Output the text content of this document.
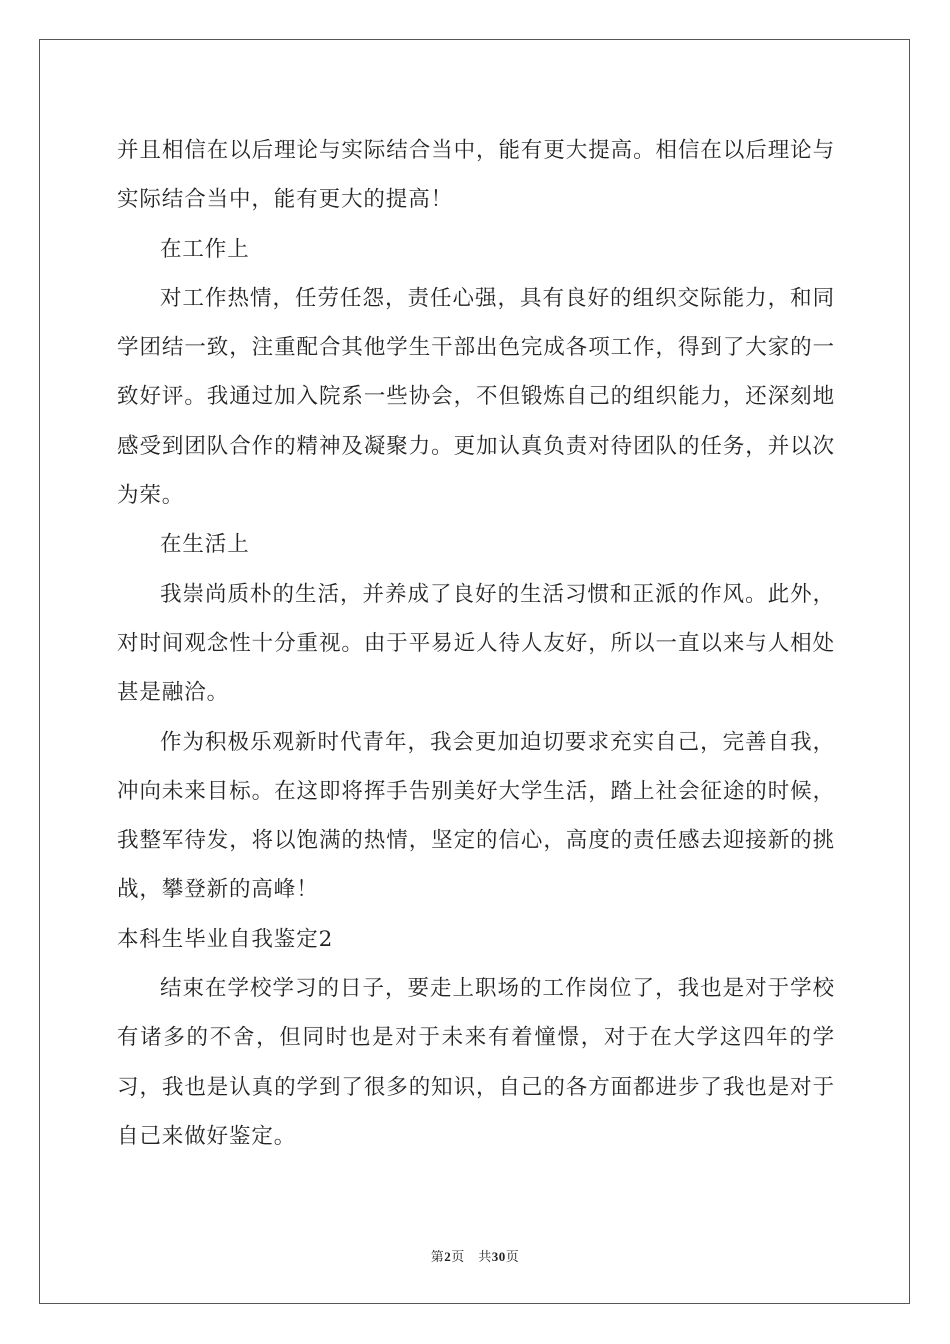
并且相信在以后理论与实际结合当中，能有更大提高。相信在以后理论与实际结合当中，能有更大的提高！

在工作上

对工作热情，任劳任怨，责任心强，具有良好的组织交际能力，和同学团结一致，注重配合其他学生干部出色完成各项工作，得到了大家的一致好评。我通过加入院系一些协会，不但锻炼自己的组织能力，还深刻地感受到团队合作的精神及凝聚力。更加认真负责对待团队的任务，并以次为荣。

在生活上

我崇尚质朴的生活，并养成了良好的生活习惯和正派的作风。此外，对时间观念性十分重视。由于平易近人待人友好，所以一直以来与人相处甚是融洽。

作为积极乐观新时代青年，我会更加迫切要求充实自己，完善自我，冲向未来目标。在这即将挥手告别美好大学生活，踏上社会征途的时候，我整军待发，将以饱满的热情，坚定的信心，高度的责任感去迎接新的挑战，攀登新的高峰！

本科生毕业自我鉴定2

结束在学校学习的日子，要走上职场的工作岗位了，我也是对于学校有诸多的不舍，但同时也是对于未来有着憧憬，对于在大学这四年的学习，我也是认真的学到了很多的知识，自己的各方面都进步了我也是对于自己来做好鉴定。

第2页　共30页
